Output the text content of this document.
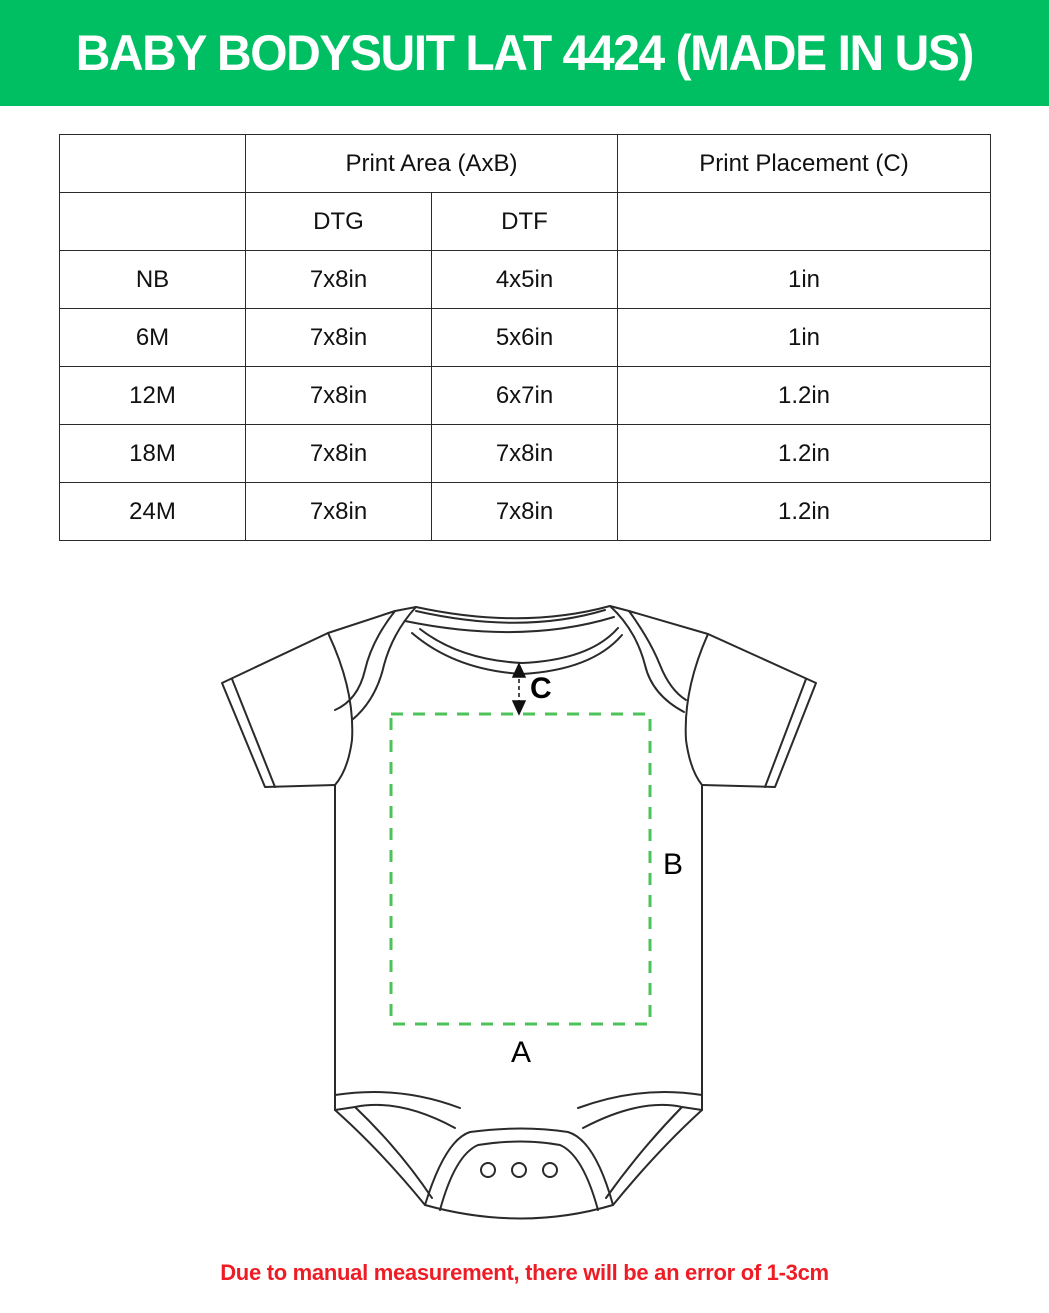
BABY BODYSUIT LAT 4424 (MADE IN US)
	Print Area (AxB)		Print Placement (C)
	DTG	DTF	
NB	7x8in	4x5in	1in
6M	7x8in	5x6in	1in
12M	7x8in	6x7in	1.2in
18M	7x8in	7x8in	1.2in
24M	7x8in	7x8in	1.2in
C
B
A
Due to manual measurement, there will be an error of 1-3cm
